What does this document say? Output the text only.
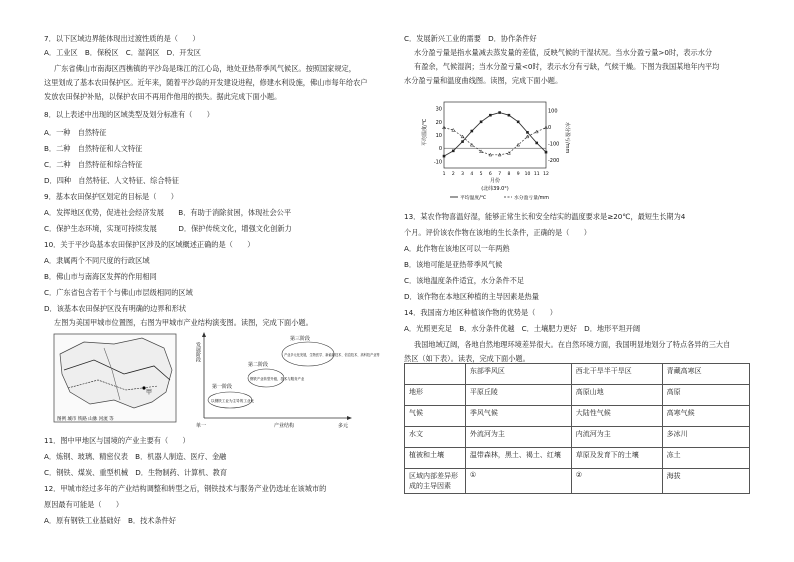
7．以下区域边界能体现出过渡性质的是（　　）
A．工业区　B．保税区　C．湿润区　D．开发区
广东省佛山市南海区西樵镇的平沙岛是珠江的江心岛，地处亚热带季风气候区。按照国家规定，
这里划成了基本农田保护区。近年来，随着平沙岛的开发建设进程，修建水利设施，佛山市每年给农户
发放农田保护补贴，以保护农田不再用作他用的损失。据此完成下面小题。
8．以上表述中出现的区域类型及划分标准有（　　）
A．一种　自然特征
B．二种　自然特征和人文特征
C．二种　自然特征和综合特征
D．四种　自然特征、人文特征、综合特征
9．基本农田保护区划定的目标是（　　）
A．发挥地区优势，促进社会经济发展　　B．有助于消除贫困，体现社会公平
C．保护生态环境，实现可持续发展　　　D．保护传统文化，增强文化创新力
10．关于平沙岛基本农田保护区涉及的区域概述正确的是（　　）
A．隶属两个不同尺度的行政区域
B．佛山市与南海区发挥的作用相同
C．广东省包含若干个与佛山市层级相同的区域
D．该基本农田保护区没有明确的边界和形状
左图为美国甲城市位置图，右图为甲城市产业结构演变图。读图，完成下面小题。
11．图中甲地区与国境的产业主要有（　　）
A．炼钢、玻璃、精密仪表　B．机器人制造、医疗、金融
C．钢铁、煤炭、重型机械　D．生物制药、计算机、教育
12．甲城市经过多年的产业结构调整和转型之后，钢铁技术与服务产业仍选址在该城市的
原因最有可能是（　　）
A．原有钢铁工业基础好　B．技术条件好
C．发展新兴工业的需要　D．协作条件好
水分盈亏量是指水量减去蒸发量的差值，反映气候的干湿状况。当水分盈亏量>0时，表示水分
有盈余，气候湿润；当水分盈亏量<0时，表示水分有亏缺，气候干燥。下图为我国某地年内平均
水分盈亏量和温度曲线图。读图，完成下面小题。
13．某农作物喜温好湿，能够正常生长和安全结实的温度要求是≥20℃，最短生长期为4
个月。评价该农作物在该地的生长条件，正确的是（　　）
A．此作物在该地区可以一年两熟
B．该地可能是亚热带季风气候
C．该地温度条件适宜，水分条件不足
D．该作物在本地区种植的主导因素是热量
14．我国南方地区种植该作物的优势是（　　）
A．光照更充足　B．水分条件优越　C．土壤肥力更好　D．地形平坦开阔
我国地域辽阔，各地自然地理环境差异很大。在自然环境方面，我国明显地划分了特点各异的三大自
然区（如下表）。读表，完成下面小题。
甲
图例 城市 铁路 山脉 河流 等
发展阶段
产业结构
单一	多元
第一阶段
以钢铁工业为主导的工业化
第二阶段
钢铁产业转型升级，技术与服务产业
第三阶段
产业多元化发展，生物医学、新能源技术、信息技术、高科技产业等
-10
0
10
20
30
-200
-100
0
100
1 2 3 4 5 6 7 8 9 10 11 12
平均温度/℃	水分盈亏/mm
月份
(北纬39.0°)
平均温度/℃	水分盈亏量/mm
	东部季风区	西北干旱半干旱区	青藏高寒区
地形	平原丘陵	高原山地	高原
气候	季风气候	大陆性气候	高寒气候
水文	外流河为主	内流河为主	多冰川
植被和土壤	温带森林，黑土、褐土、红壤	草原及发育下的土壤	冻土
区域内部差异形成的主导因素	①	②	海拔
